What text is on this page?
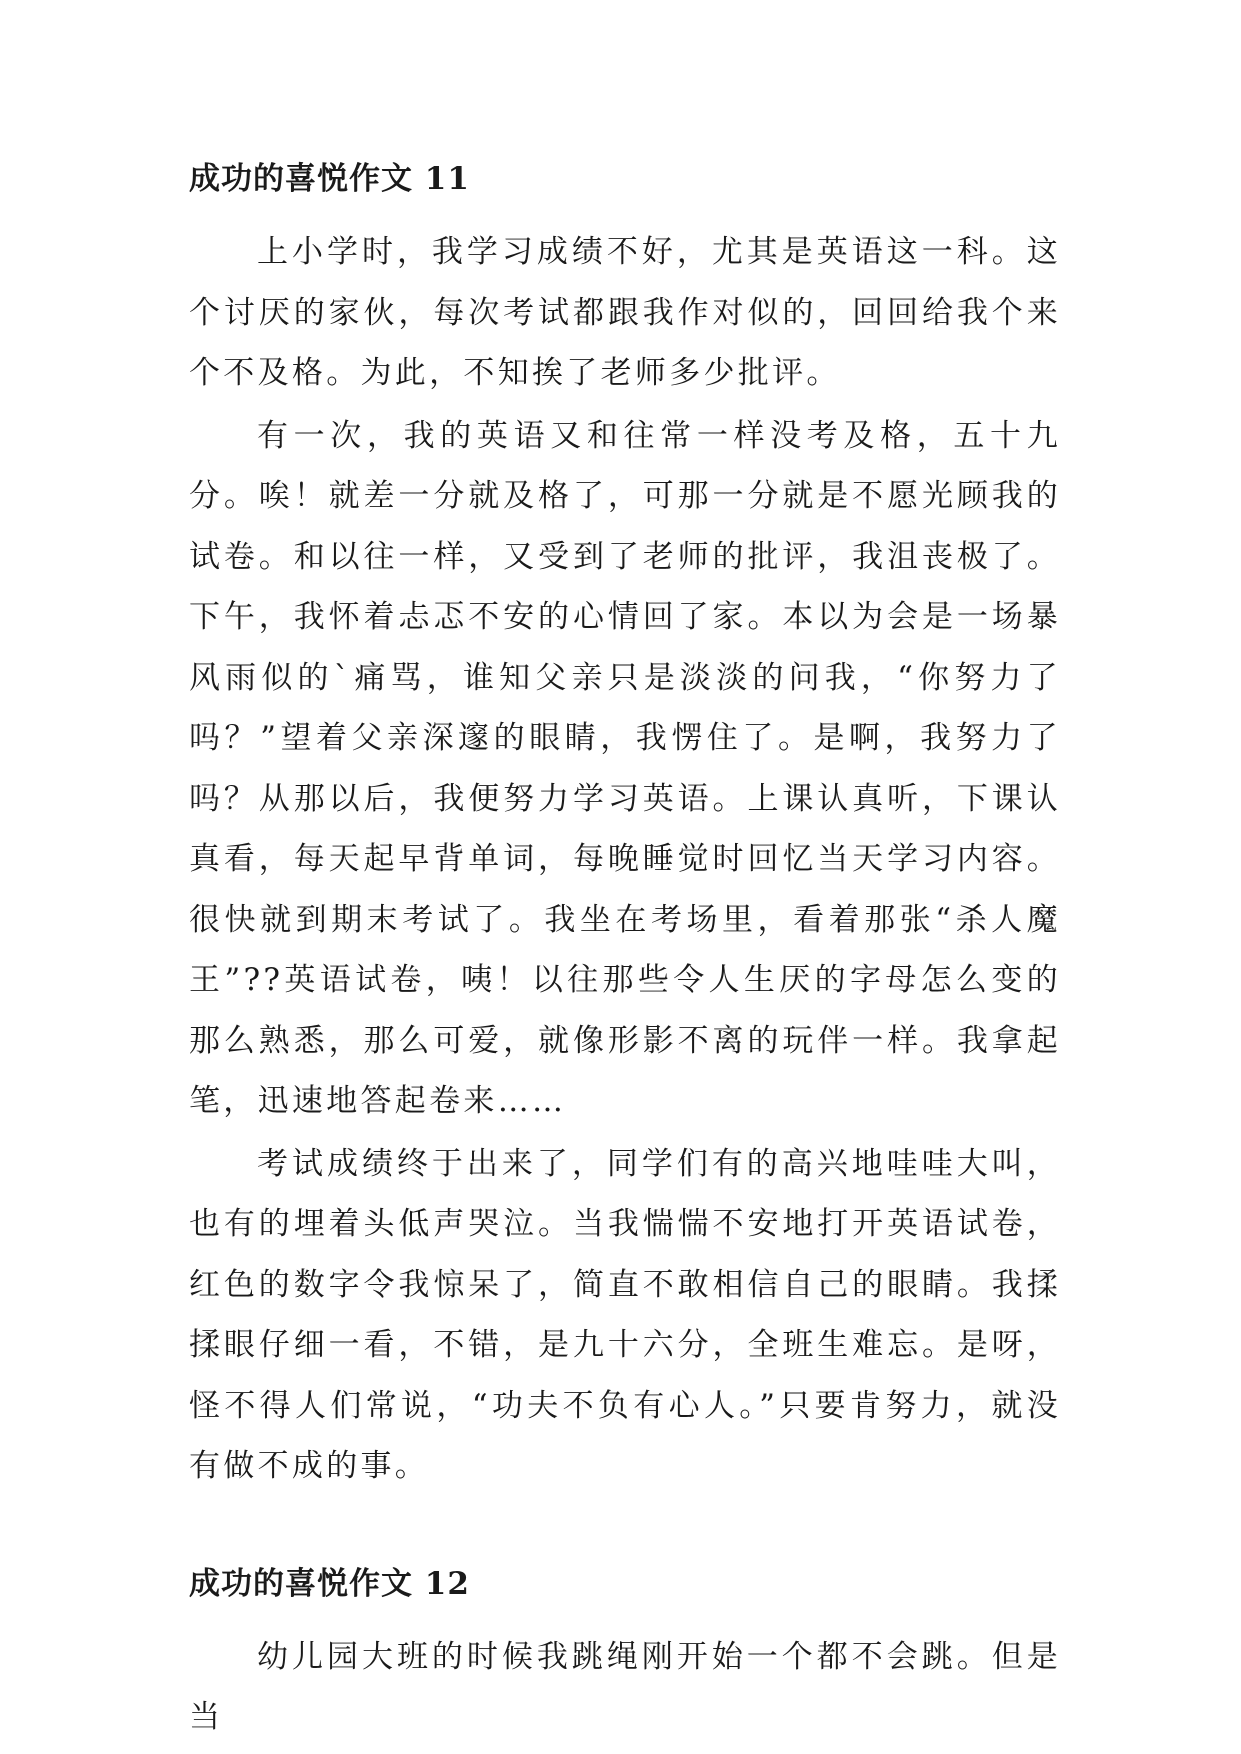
成功的喜悦作文 11

上小学时，我学习成绩不好，尤其是英语这一科。这个讨厌的家伙，每次考试都跟我作对似的，回回给我个来个不及格。为此，不知挨了老师多少批评。

有一次，我的英语又和往常一样没考及格，五十九分。唉！就差一分就及格了，可那一分就是不愿光顾我的试卷。和以往一样，又受到了老师的批评，我沮丧极了。下午，我怀着忐忑不安的心情回了家。本以为会是一场暴风雨似的`痛骂，谁知父亲只是淡淡的问我，“你努力了吗？”望着父亲深邃的眼睛，我愣住了。是啊，我努力了吗？从那以后，我便努力学习英语。上课认真听，下课认真看，每天起早背单词，每晚睡觉时回忆当天学习内容。很快就到期末考试了。我坐在考场里，看着那张“杀人魔王”??英语试卷，咦！以往那些令人生厌的字母怎么变的那么熟悉，那么可爱，就像形影不离的玩伴一样。我拿起笔，迅速地答起卷来……

考试成绩终于出来了，同学们有的高兴地哇哇大叫，也有的埋着头低声哭泣。当我惴惴不安地打开英语试卷，红色的数字令我惊呆了，简直不敢相信自己的眼睛。我揉揉眼仔细一看，不错，是九十六分，全班生难忘。是呀，怪不得人们常说，“功夫不负有心人。”只要肯努力，就没有做不成的事。

成功的喜悦作文 12

幼儿园大班的时候我跳绳刚开始一个都不会跳。但是当
